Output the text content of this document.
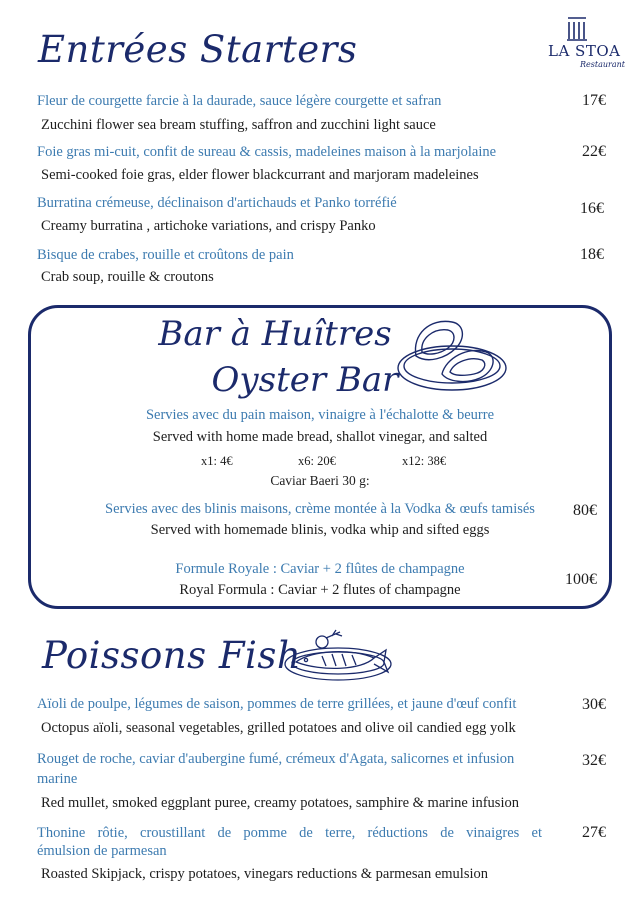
LA STOA
Restaurant
Entrées Starters
Fleur de courgette farcie à la daurade, sauce légère courgette et safran
Zucchini flower sea bream stuffing, saffron and zucchini light sauce
17€
Foie gras mi-cuit, confit de sureau & cassis, madeleines maison à la marjolaine
Semi-cooked foie gras, elder flower blackcurrant and marjoram madeleines
22€
Burratina crémeuse, déclinaison d'artichauds et Panko torréfié
Creamy burratina , artichoke variations, and crispy Panko
16€
Bisque de crabes, rouille et croûtons de pain
Crab soup, rouille & croutons
18€
Bar à Huîtres
Oyster Bar
Servies avec du pain maison, vinaigre à l'échalotte & beurre
Served with home made bread, shallot vinegar, and salted
x1: 4€	x6: 20€	x12: 38€
Caviar Baeri 30 g:
Servies avec des blinis maisons, crème montée à la Vodka & œufs tamisés
Served with homemade blinis, vodka whip and sifted eggs
80€
Formule Royale : Caviar + 2 flûtes de champagne
Royal Formula : Caviar + 2 flutes of champagne
100€
Poissons Fish
Aïoli de poulpe, légumes de saison, pommes de terre grillées, et jaune d'œuf confit
Octopus aïoli, seasonal vegetables, grilled potatoes and olive oil candied egg yolk
30€
Rouget de roche, caviar d'aubergine fumé, crémeux d'Agata, salicornes et infusion
marine
Red mullet, smoked eggplant puree, creamy potatoes, samphire & marine infusion
32€
Thonine rôtie, croustillant de pomme de terre, réductions de vinaigres et
émulsion de parmesan
Roasted Skipjack, crispy potatoes, vinegars reductions & parmesan emulsion
27€
